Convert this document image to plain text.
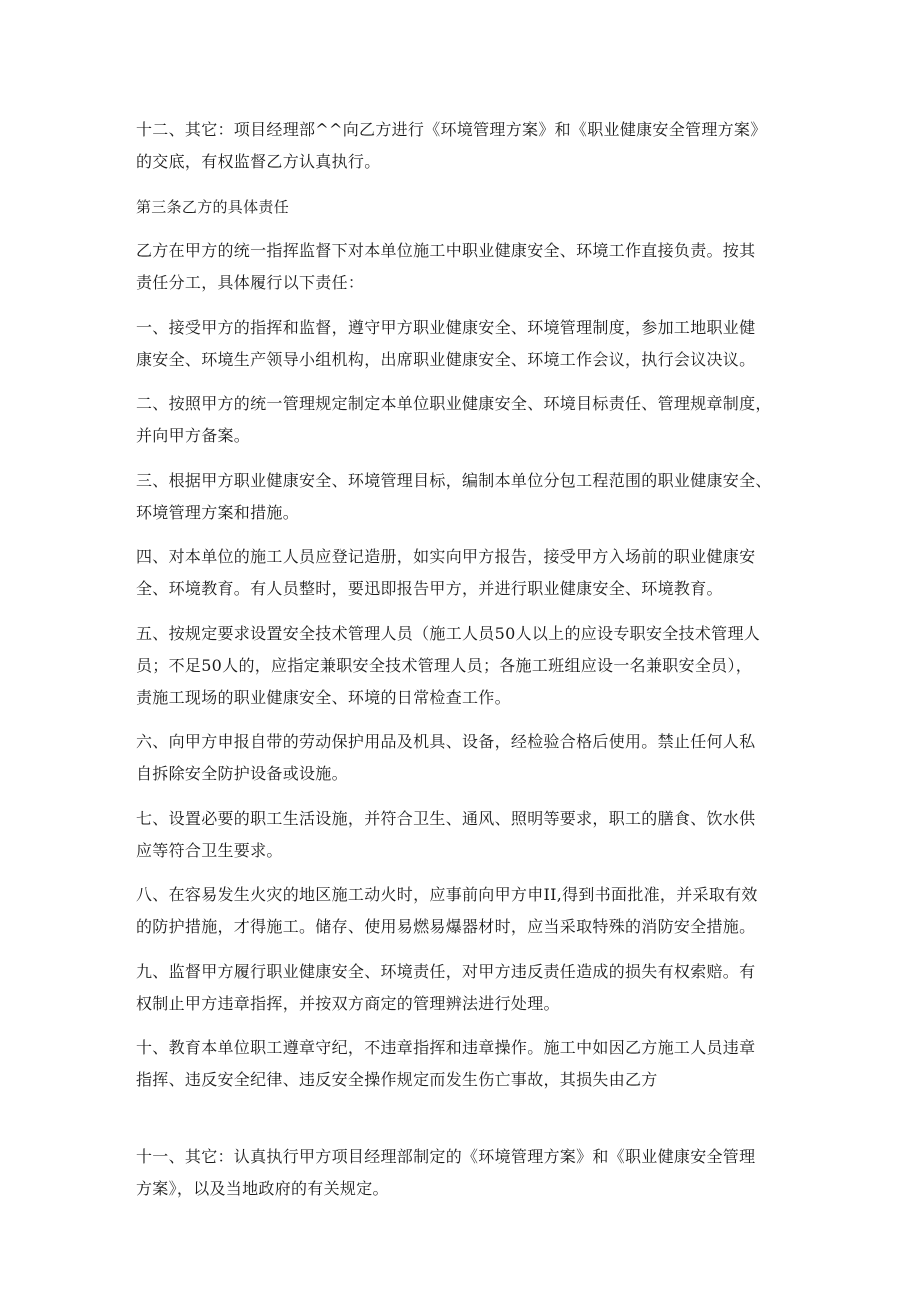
十二、其它：项目经理部^^向乙方进行《环境管理方案》和《职业健康安全管理方案》
的交底，有权监督乙方认真执行。
第三条乙方的具体责任
乙方在甲方的统一指挥监督下对本单位施工中职业健康安全、环境工作直接负责。按其
责任分工，具体履行以下责任：
一、接受甲方的指挥和监督，遵守甲方职业健康安全、环境管理制度，参加工地职业健
康安全、环境生产领导小组机构，出席职业健康安全、环境工作会议，执行会议决议。
二、按照甲方的统一管理规定制定本单位职业健康安全、环境目标责任、管理规章制度，
并向甲方备案。
三、根据甲方职业健康安全、环境管理目标，编制本单位分包工程范围的职业健康安全、
环境管理方案和措施。
四、对本单位的施工人员应登记造册，如实向甲方报告，接受甲方入场前的职业健康安
全、环境教育。有人员整时，要迅即报告甲方，并进行职业健康安全、环境教育。
五、按规定要求设置安全技术管理人员（施工人员50人以上的应设专职安全技术管理人
员；不足50人的，应指定兼职安全技术管理人员；各施工班组应设一名兼职安全员），
责施工现场的职业健康安全、环境的日常检查工作。
六、向甲方申报自带的劳动保护用品及机具、设备，经检验合格后使用。禁止任何人私
自拆除安全防护设备或设施。
七、设置必要的职工生活设施，并符合卫生、通风、照明等要求，职工的膳食、饮水供
应等符合卫生要求。
八、在容易发生火灾的地区施工动火时，应事前向甲方申II,得到书面批准，并采取有效
的防护措施，才得施工。储存、使用易燃易爆器材时，应当采取特殊的消防安全措施。
九、监督甲方履行职业健康安全、环境责任，对甲方违反责任造成的损失有权索赔。有
权制止甲方违章指挥，并按双方商定的管理辨法进行处理。
十、教育本单位职工遵章守纪，不违章指挥和违章操作。施工中如因乙方施工人员违章
指挥、违反安全纪律、违反安全操作规定而发生伤亡事故，其损失由乙方
十一、其它：认真执行甲方项目经理部制定的《环境管理方案》和《职业健康安全管理
方案》，以及当地政府的有关规定。
